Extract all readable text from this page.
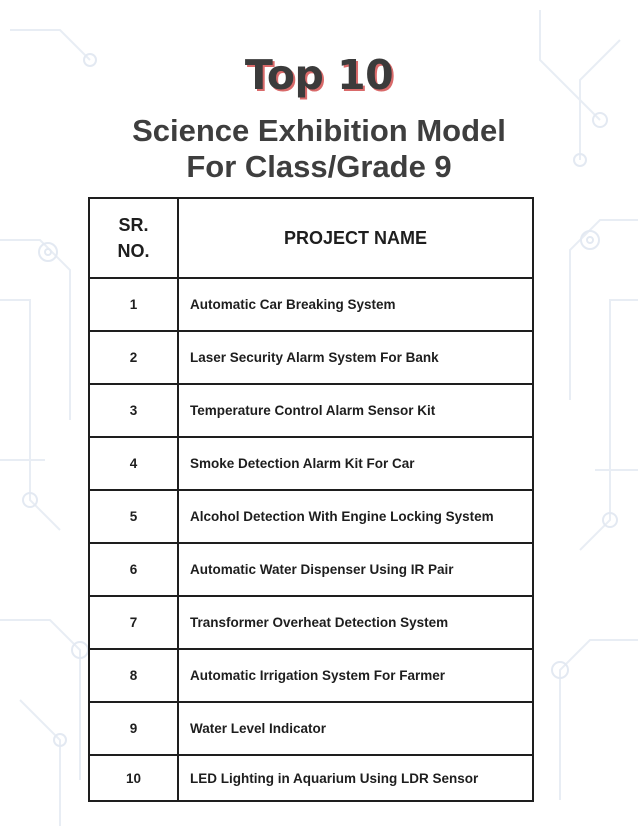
Top 10
Science Exhibition Model
For Class/Grade 9
SR.
NO.	PROJECT NAME
1	Automatic Car Breaking System
2	Laser Security Alarm System For Bank
3	Temperature Control Alarm Sensor Kit
4	Smoke Detection Alarm Kit For Car
5	Alcohol Detection With Engine Locking System
6	Automatic Water Dispenser Using IR Pair
7	Transformer Overheat Detection System
8	Automatic Irrigation System For Farmer
9	Water Level Indicator
10	LED Lighting in Aquarium Using LDR Sensor
